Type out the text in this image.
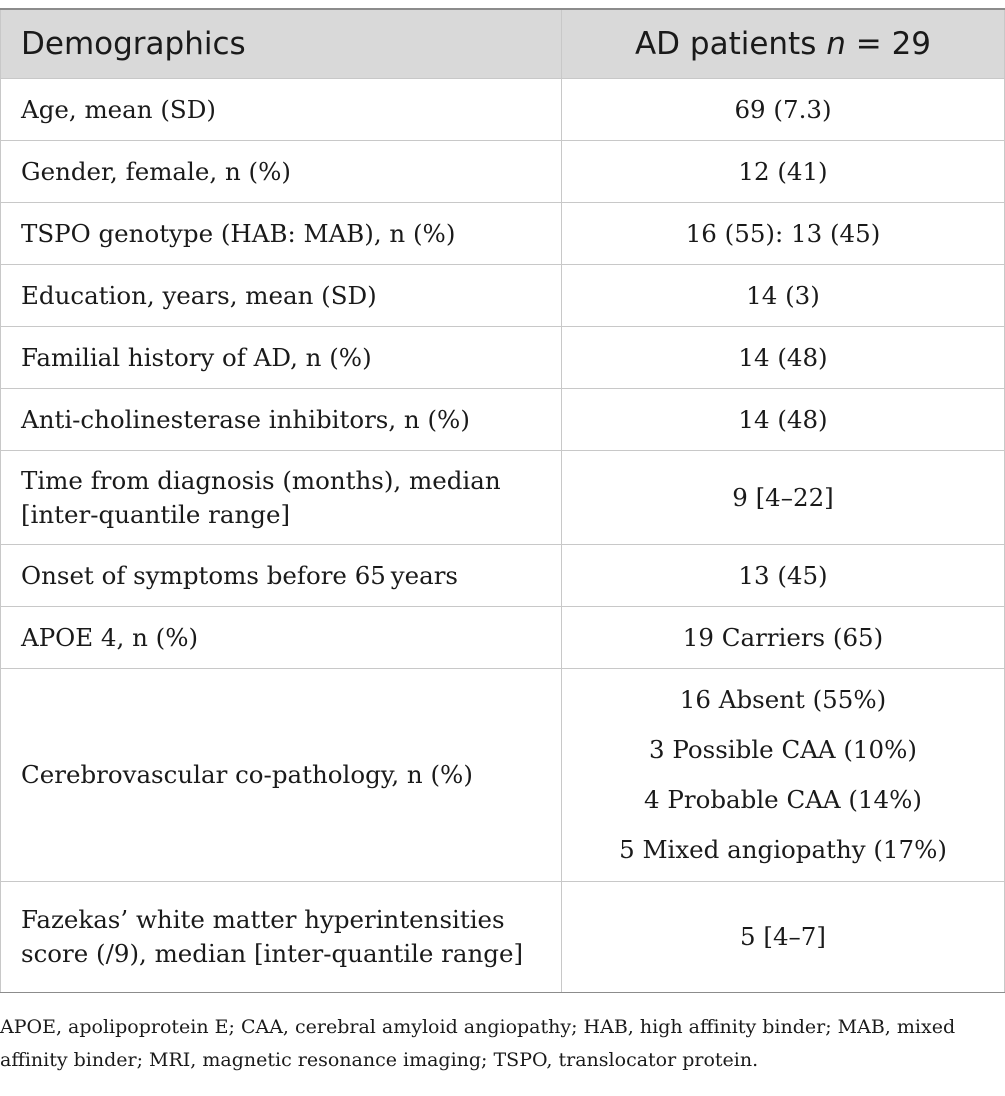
Demographics	AD patients n = 29
Age, mean (SD)	69 (7.3)
Gender, female, n (%)	12 (41)
TSPO genotype (HAB: MAB), n (%)	16 (55): 13 (45)
Education, years, mean (SD)	14 (3)
Familial history of AD, n (%)	14 (48)
Anti-cholinesterase inhibitors, n (%)	14 (48)
Time from diagnosis (months), median [inter-quantile range]	9 [4–22]
Onset of symptoms before 65 years	13 (45)
APOE 4, n (%)	19 Carriers (65)
Cerebrovascular co-pathology, n (%)	16 Absent (55%)
3 Possible CAA (10%)
4 Probable CAA (14%)
5 Mixed angiopathy (17%)

Fazekas’ white matter hyperintensities score (/9), median [inter-quantile range]	5 [4–7]
APOE, apolipoprotein E; CAA, cerebral amyloid angiopathy; HAB, high affinity binder; MAB, mixed affinity binder; MRI, magnetic resonance imaging; TSPO, translocator protein.
